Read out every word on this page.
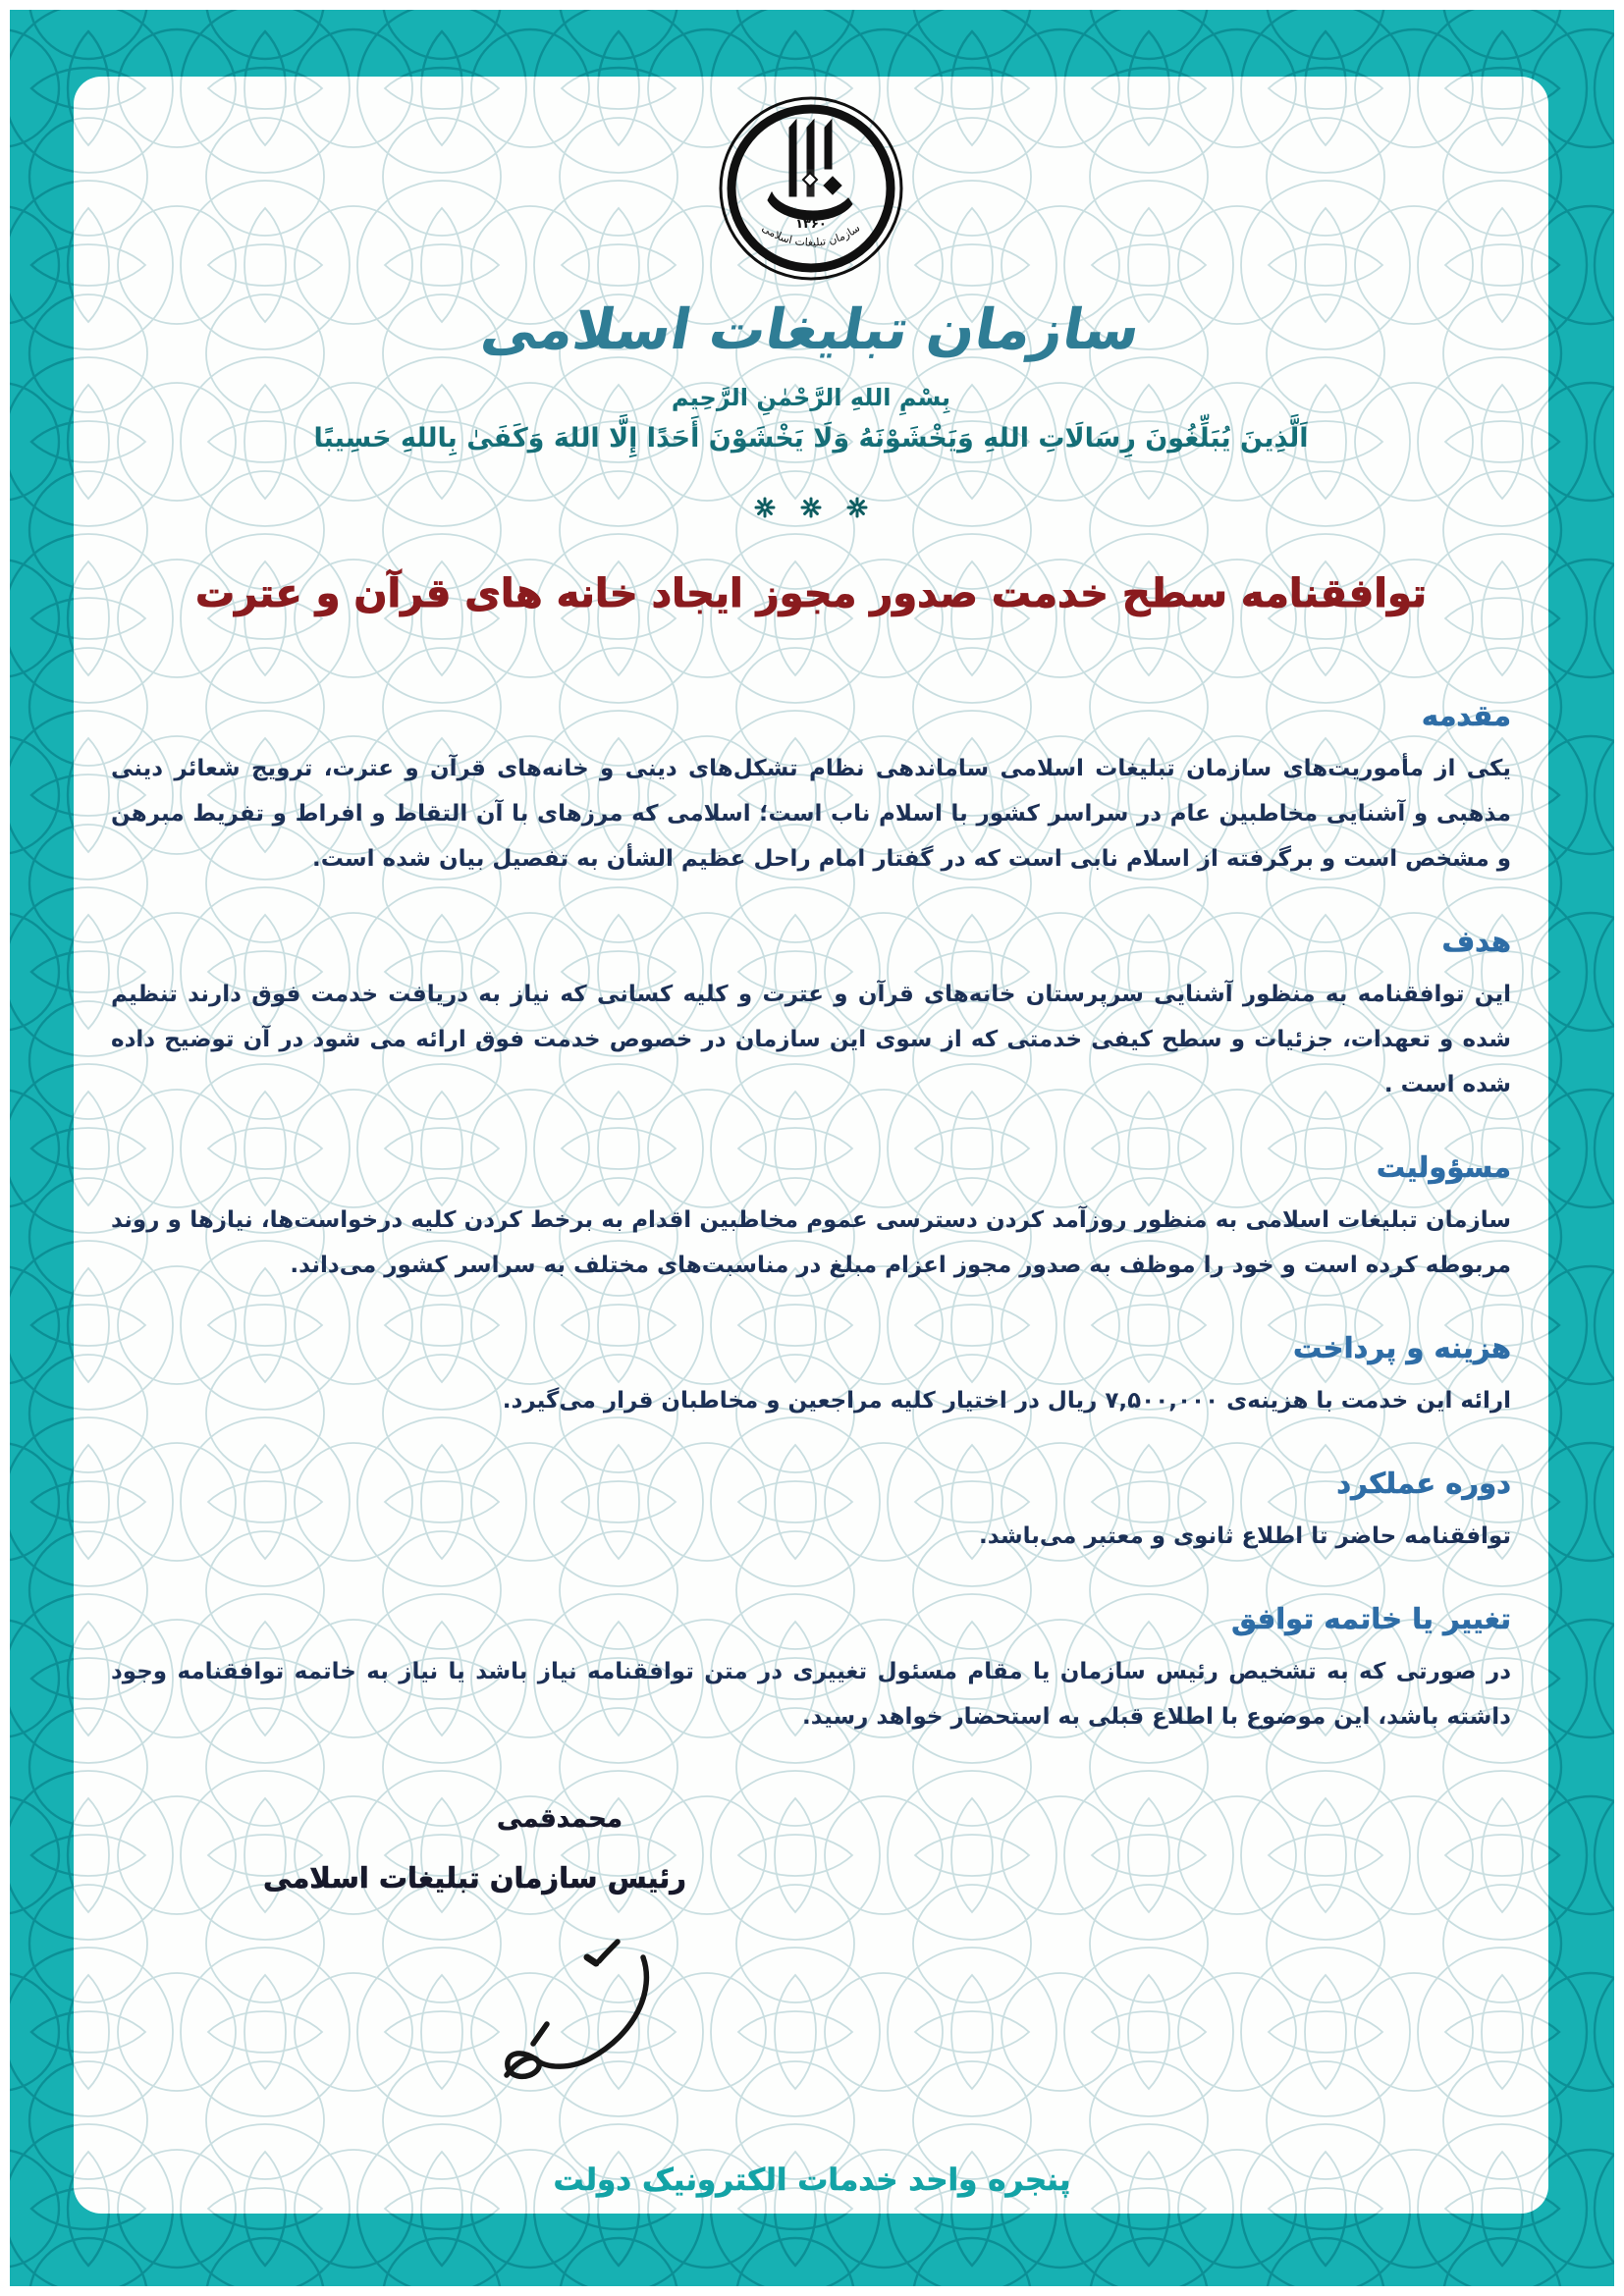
۱۳۶۰
سازمان تبلیغات اسلامی
سازمان تبلیغات اسلامی
بِسْمِ اللهِ الرَّحْمٰنِ الرَّحِيم
اَلَّذِينَ يُبَلِّغُونَ رِسَالَاتِ اللهِ وَيَخْشَوْنَهُ وَلَا يَخْشَوْنَ أَحَدًا إِلَّا اللهَ وَكَفَىٰ بِاللهِ حَسِيبًا

توافقنامه سطح خدمت صدور مجوز ایجاد خانه های قرآن و عترت
مقدمه
یکی از مأموریت‌های سازمان تبلیغات اسلامی ساماندهی نظام تشکل‌های دینی و خانه‌های قرآن و عترت، ترویج شعائر دینی مذهبی و آشنایی مخاطبین عام در سراسر کشور با اسلام ناب است؛ اسلامی که مرزهای با آن التقاط و افراط و تفریط مبرهن و مشخص است و برگرفته از اسلام نابی است که در گفتار امام راحل عظیم الشأن به تفصیل بیان شده است.
هدف
این توافقنامه به منظور آشنایی سرپرستان خانه‌های قرآن و عترت و کلیه کسانی که نیاز به دریافت خدمت فوق دارند تنظیم شده و تعهدات، جزئیات و سطح کیفی خدمتی که از سوی این سازمان در خصوص خدمت فوق ارائه می شود در آن توضیح داده شده است .
مسؤولیت
سازمان تبلیغات اسلامی به منظور روزآمد کردن دسترسی عموم مخاطبین اقدام به برخط کردن کلیه درخواست‌ها، نیازها و روند مربوطه کرده است و خود را موظف به صدور مجوز اعزام مبلغ در مناسبت‌های مختلف به سراسر کشور می‌داند.
هزینه و پرداخت
ارائه این خدمت با هزینه‌ی ۷,۵۰۰,۰۰۰ ریال در اختیار کلیه مراجعین و مخاطبان قرار می‌گیرد.
دوره عملکرد
توافقنامه حاضر تا اطلاع ثانوی و معتبر می‌باشد.
تغییر یا خاتمه توافق
در صورتی که به تشخیص رئیس سازمان یا مقام مسئول تغییری در متن توافقنامه نیاز باشد یا نیاز به خاتمه توافقنامه وجود داشته باشد، این موضوع با اطلاع قبلی به استحضار خواهد رسید.
محمدقمی
رئیس سازمان تبلیغات اسلامی
پنجره واحد خدمات الکترونیک دولت
